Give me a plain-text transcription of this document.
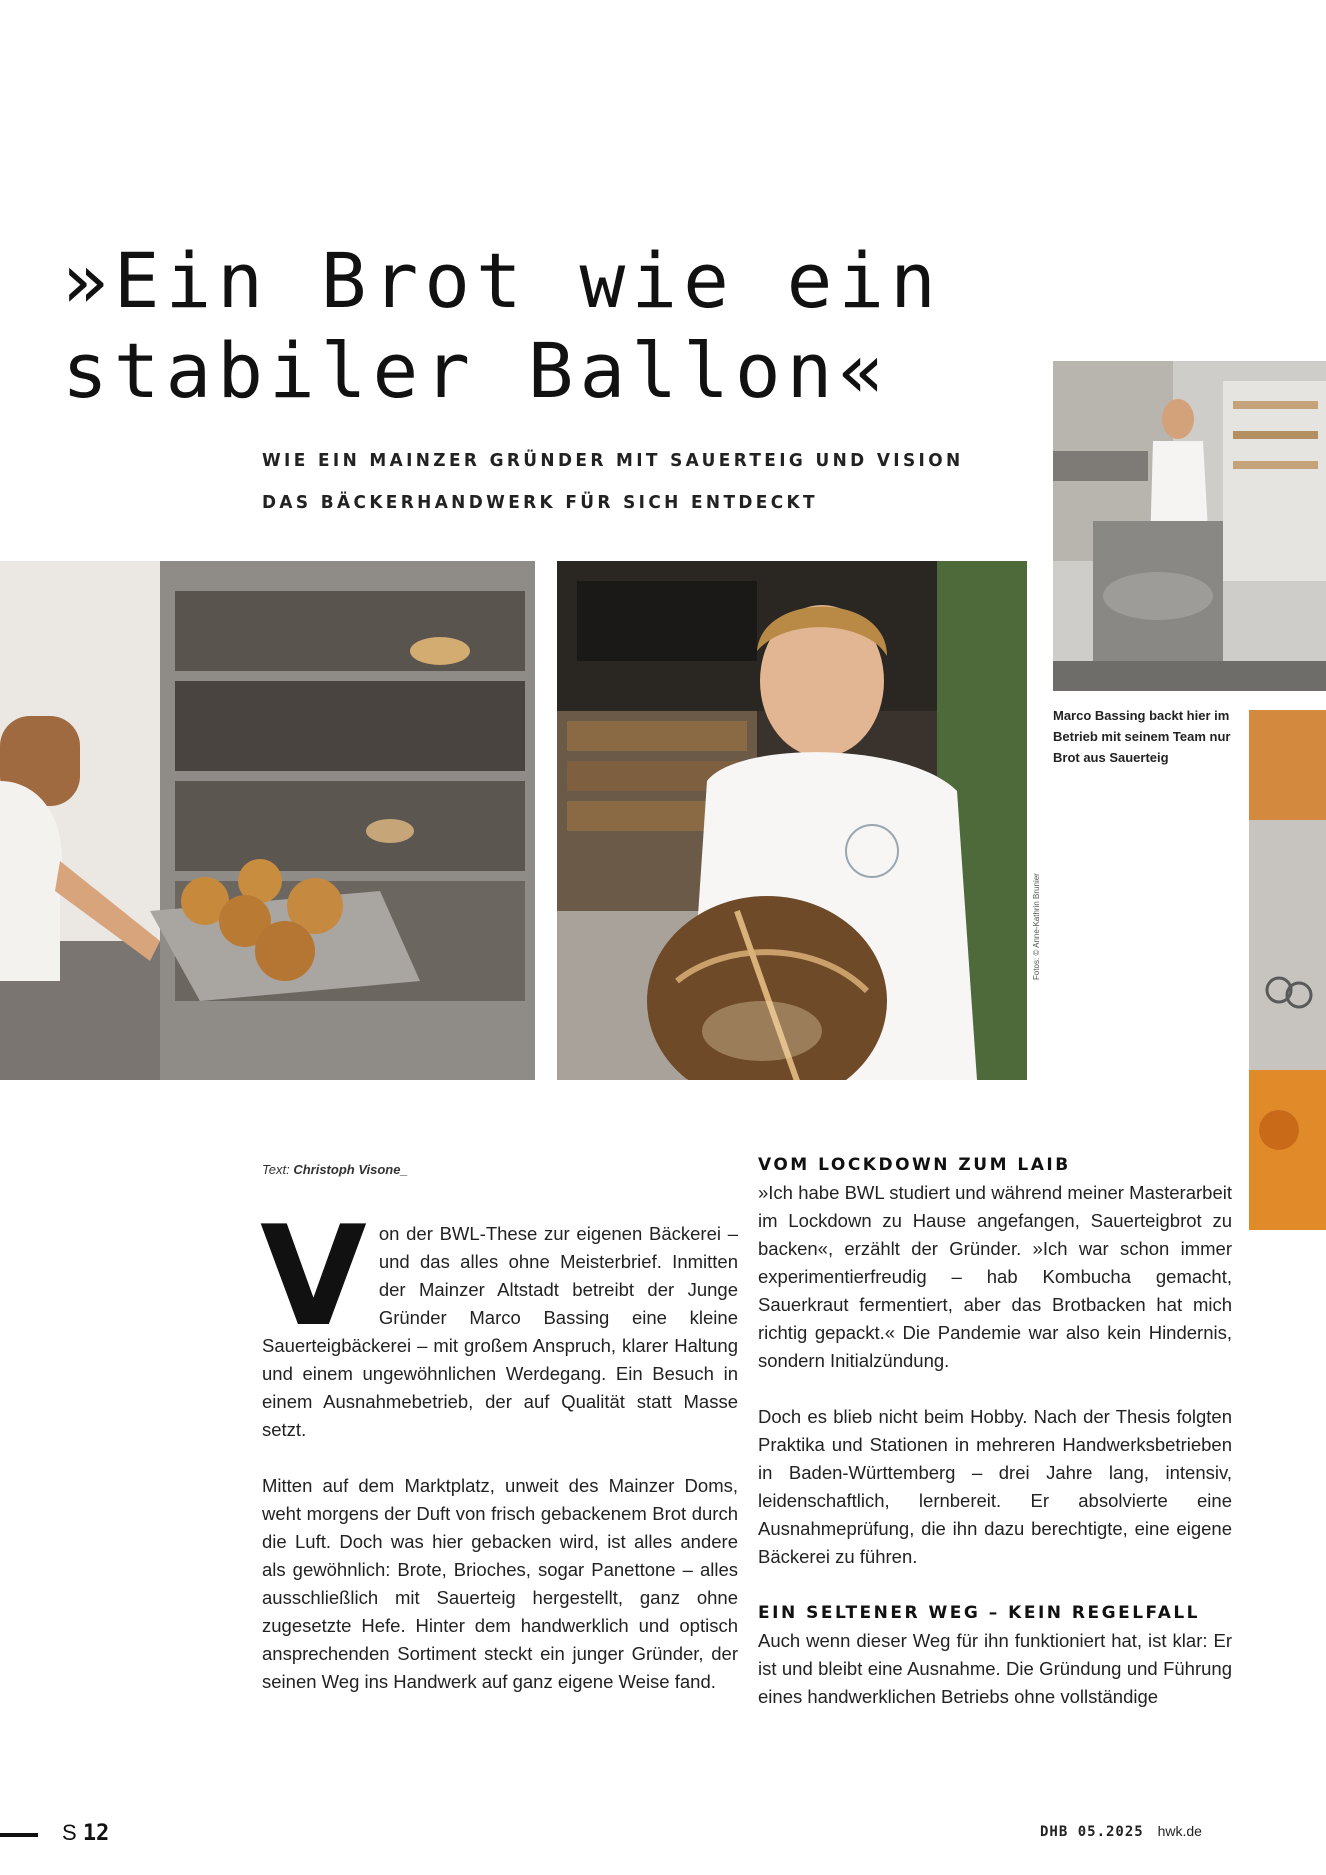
»Ein Brot wie ein
stabiler Ballon«
WIE EIN MAINZER GRÜNDER MIT SAUERTEIG UND VISION
DAS BÄCKERHANDWERK FÜR SICH ENTDECKT
Marco Bassing backt hier im
Betrieb mit seinem Team nur
Brot aus Sauerteig
Fotos: © Anne-Kathrin Brunier
Text: Christoph Visone_

V on der BWL-These zur eigenen Bäckerei – und das alles ohne Meisterbrief. Inmitten der Mainzer Altstadt betreibt der Junge Gründer Marco Bassing eine kleine Sauerteigbäckerei – mit großem Anspruch, klarer Haltung und einem ungewöhnlichen Werdegang. Ein Besuch in einem Ausnahmebetrieb, der auf Qualität statt Masse setzt.

Mitten auf dem Marktplatz, unweit des Mainzer Doms, weht morgens der Duft von frisch gebackenem Brot durch die Luft. Doch was hier gebacken wird, ist alles andere als gewöhnlich: Brote, Brioches, sogar Panettone – alles ausschließlich mit Sauerteig hergestellt, ganz ohne zugesetzte Hefe. Hinter dem handwerklich und optisch ansprechenden Sortiment steckt ein junger Gründer, der seinen Weg ins Handwerk auf ganz eigene Weise fand.

VOM LOCKDOWN ZUM LAIB

»Ich habe BWL studiert und während meiner Masterarbeit im Lockdown zu Hause angefangen, Sauerteigbrot zu backen«, erzählt der Gründer. »Ich war schon immer experimentierfreudig – hab Kombucha gemacht, Sauerkraut fermentiert, aber das Brotbacken hat mich richtig gepackt.« Die Pandemie war also kein Hindernis, sondern Initialzündung.

Doch es blieb nicht beim Hobby. Nach der Thesis folgten Praktika und Stationen in mehreren Handwerksbetrieben in Baden-Württemberg – drei Jahre lang, intensiv, leidenschaftlich, lernbereit. Er absolvierte eine Ausnahmeprüfung, die ihn dazu berechtigte, eine eigene Bäckerei zu führen.

EIN SELTENER WEG – KEIN REGELFALL

Auch wenn dieser Weg für ihn funktioniert hat, ist klar: Er ist und bleibt eine Ausnahme. Die Gründung und Führung eines handwerklichen Betriebs ohne vollständige

S 12	DHB 05.2025 hwk.de
